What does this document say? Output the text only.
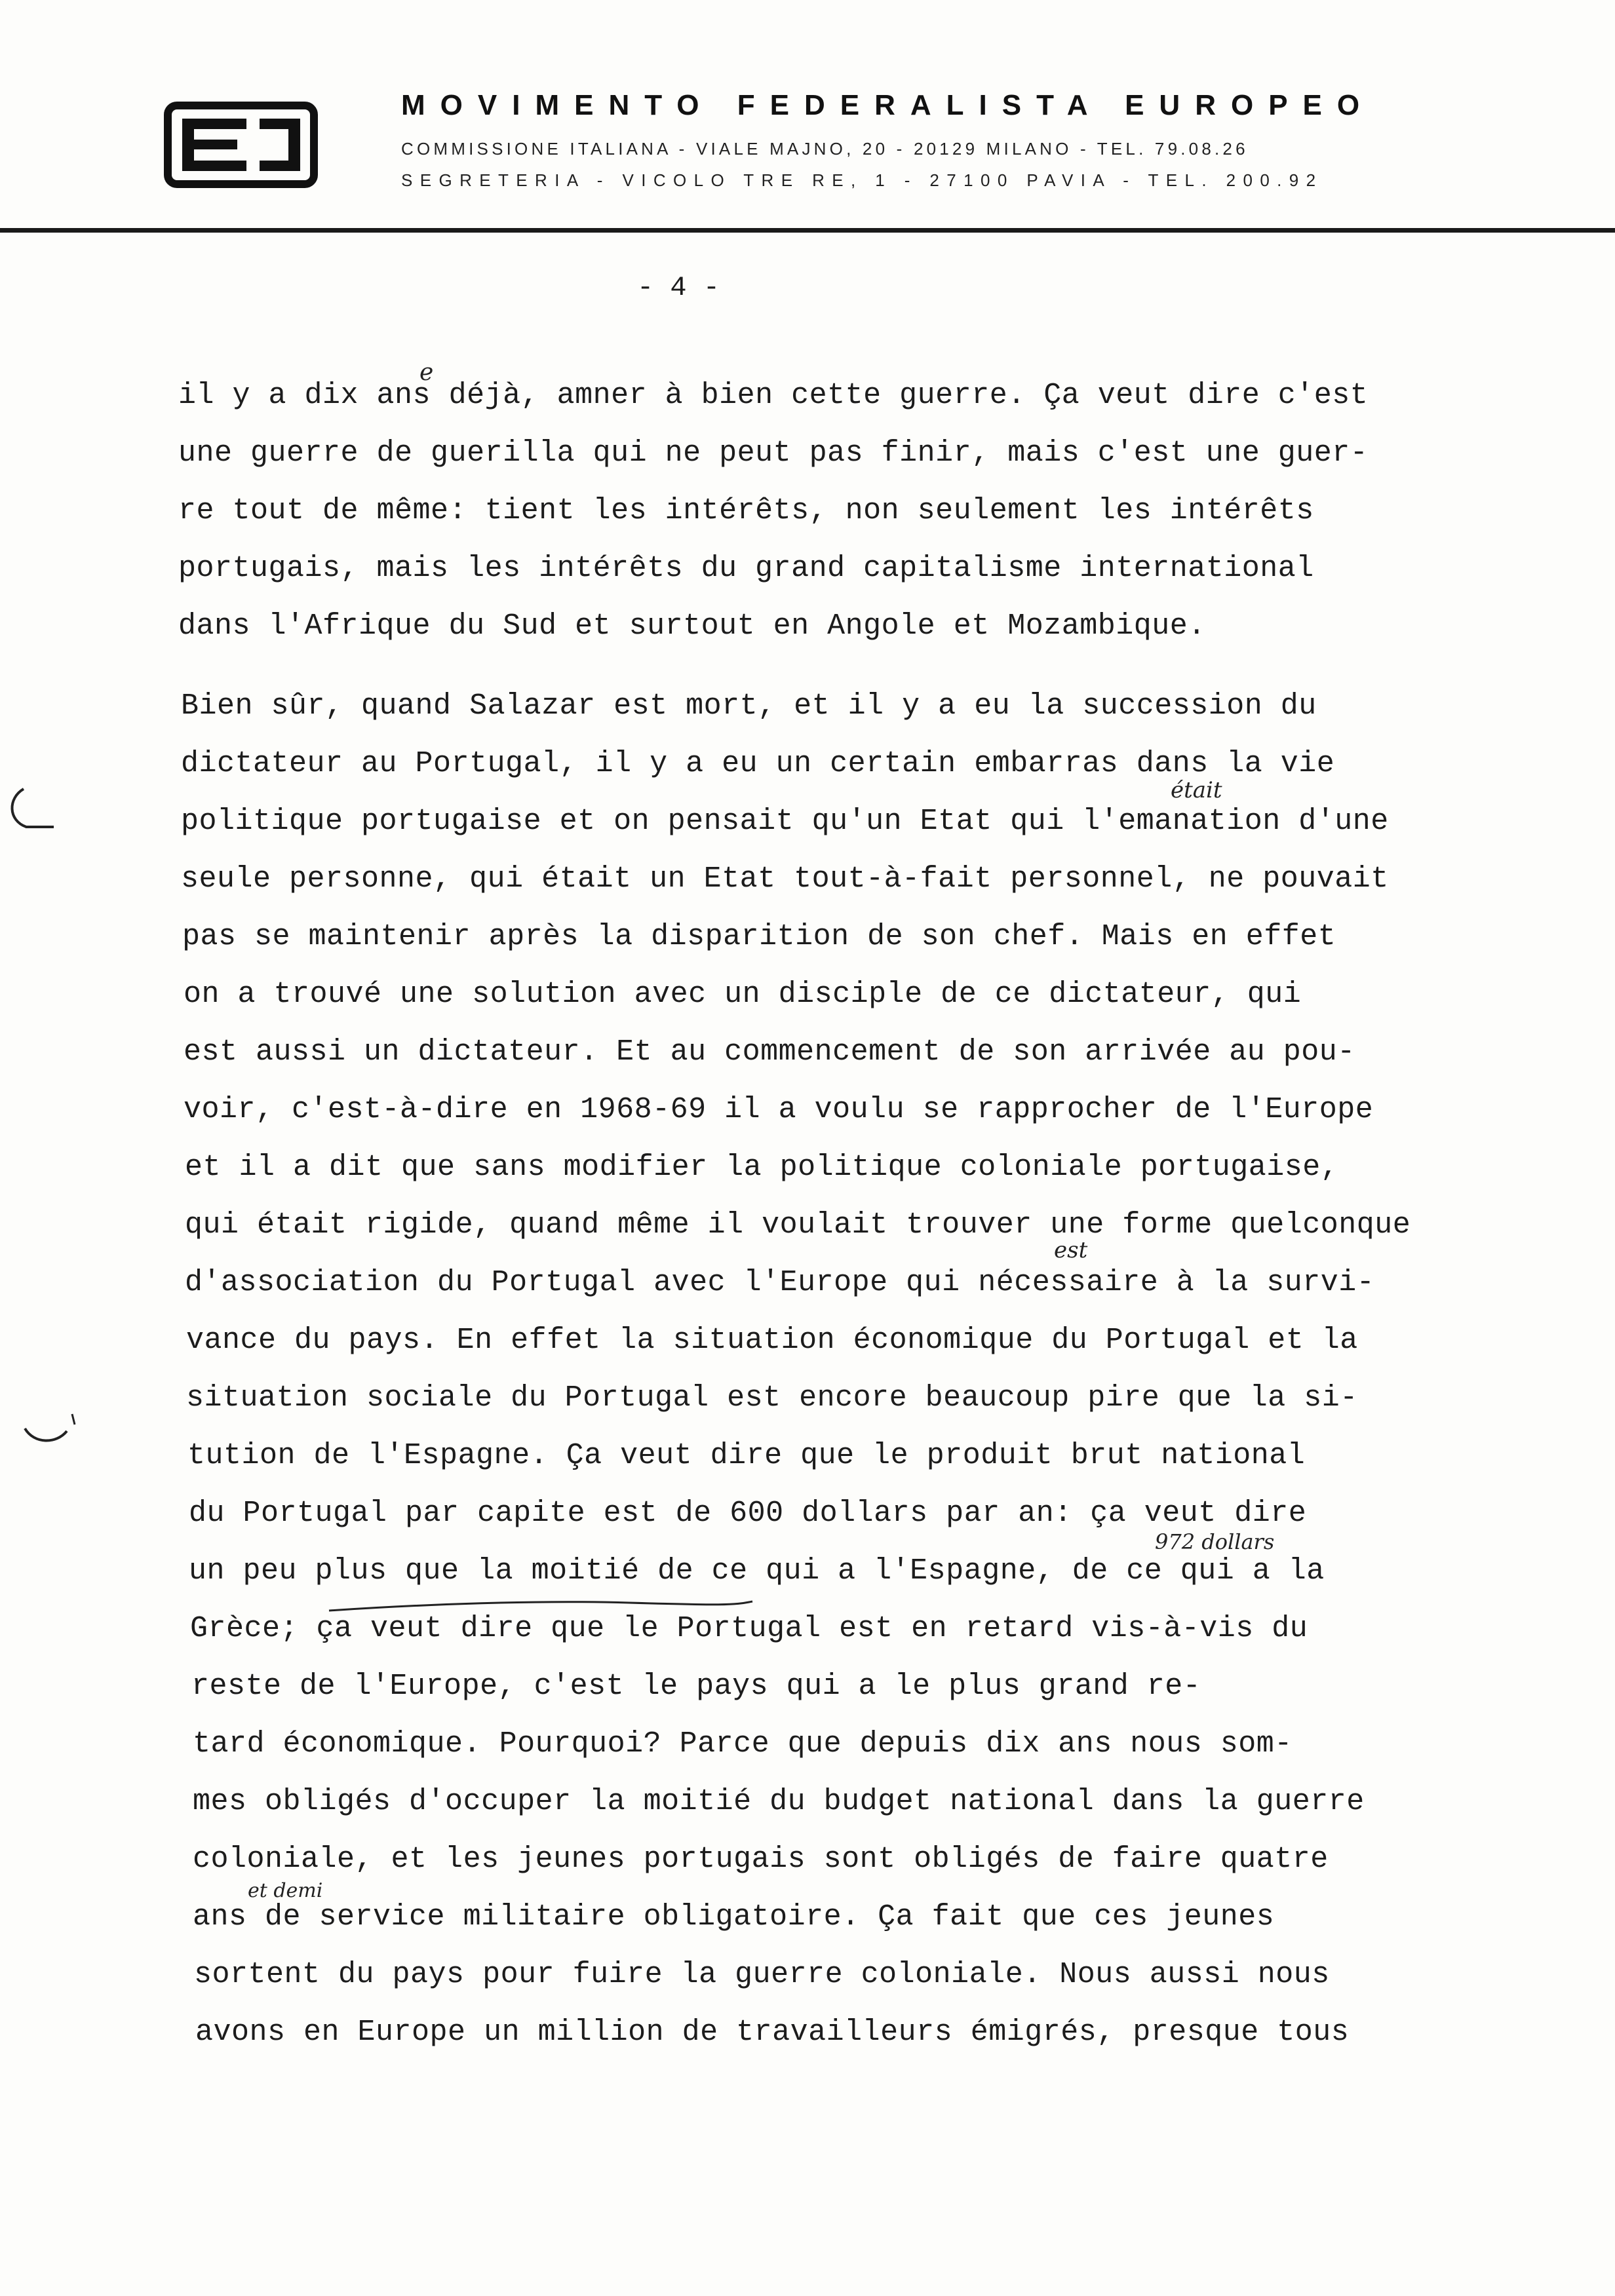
E	MOVIMENTO FEDERALISTA EUROPEO
COMMISSIONE ITALIANA - VIALE MAJNO, 20 - 20129 MILANO - TEL. 79.08.26
SEGRETERIA - VICOLO TRE RE, 1 - 27100 PAVIA - TEL. 200.92
- 4 -
il y a dix ans déjà, amner à bien cette guerre. Ça veut dire c'est
une guerre de guerilla qui ne peut pas finir, mais c'est une guer-
re tout de même: tient les intérêts, non seulement les intérêts
portugais, mais les intérêts du grand capitalisme international
dans l'Afrique du Sud et surtout en Angole et Mozambique.
Bien sûr, quand Salazar est mort, et il y a eu la succession du
dictateur au Portugal, il y a eu un certain embarras dans la vie
politique portugaise et on pensait qu'un Etat qui l'emanation d'une
seule personne, qui était un Etat tout-à-fait personnel, ne pouvait
pas se maintenir après la disparition de son chef. Mais en effet
on a trouvé une solution avec un disciple de ce dictateur, qui
est aussi un dictateur. Et au commencement de son arrivée au pou-
voir, c'est-à-dire en 1968-69 il a voulu se rapprocher de l'Europe
et il a dit que sans modifier la politique coloniale portugaise,
qui était rigide, quand même il voulait trouver une forme quelconque
d'association du Portugal avec l'Europe qui nécessaire à la survi-
vance du pays. En effet la situation économique du Portugal et la
situation sociale du Portugal est encore beaucoup pire que la si-
tution de l'Espagne. Ça veut dire que le produit brut national
du Portugal par capite est de 600 dollars par an: ça veut dire
un peu plus que la moitié de ce qui a l'Espagne, de ce qui a la
Grèce; ça veut dire que le Portugal est en retard vis-à-vis du
reste de l'Europe, c'est le pays qui a le plus grand re-
tard économique. Pourquoi? Parce que depuis dix ans nous som-
mes obligés d'occuper la moitié du budget national dans la guerre
coloniale, et les jeunes portugais sont obligés de faire quatre
ans de service militaire obligatoire. Ça fait que ces jeunes
sortent du pays pour fuire la guerre coloniale. Nous aussi nous
avons en Europe un million de travailleurs émigrés, presque tous
e
était
est
972 dollars
et demi
